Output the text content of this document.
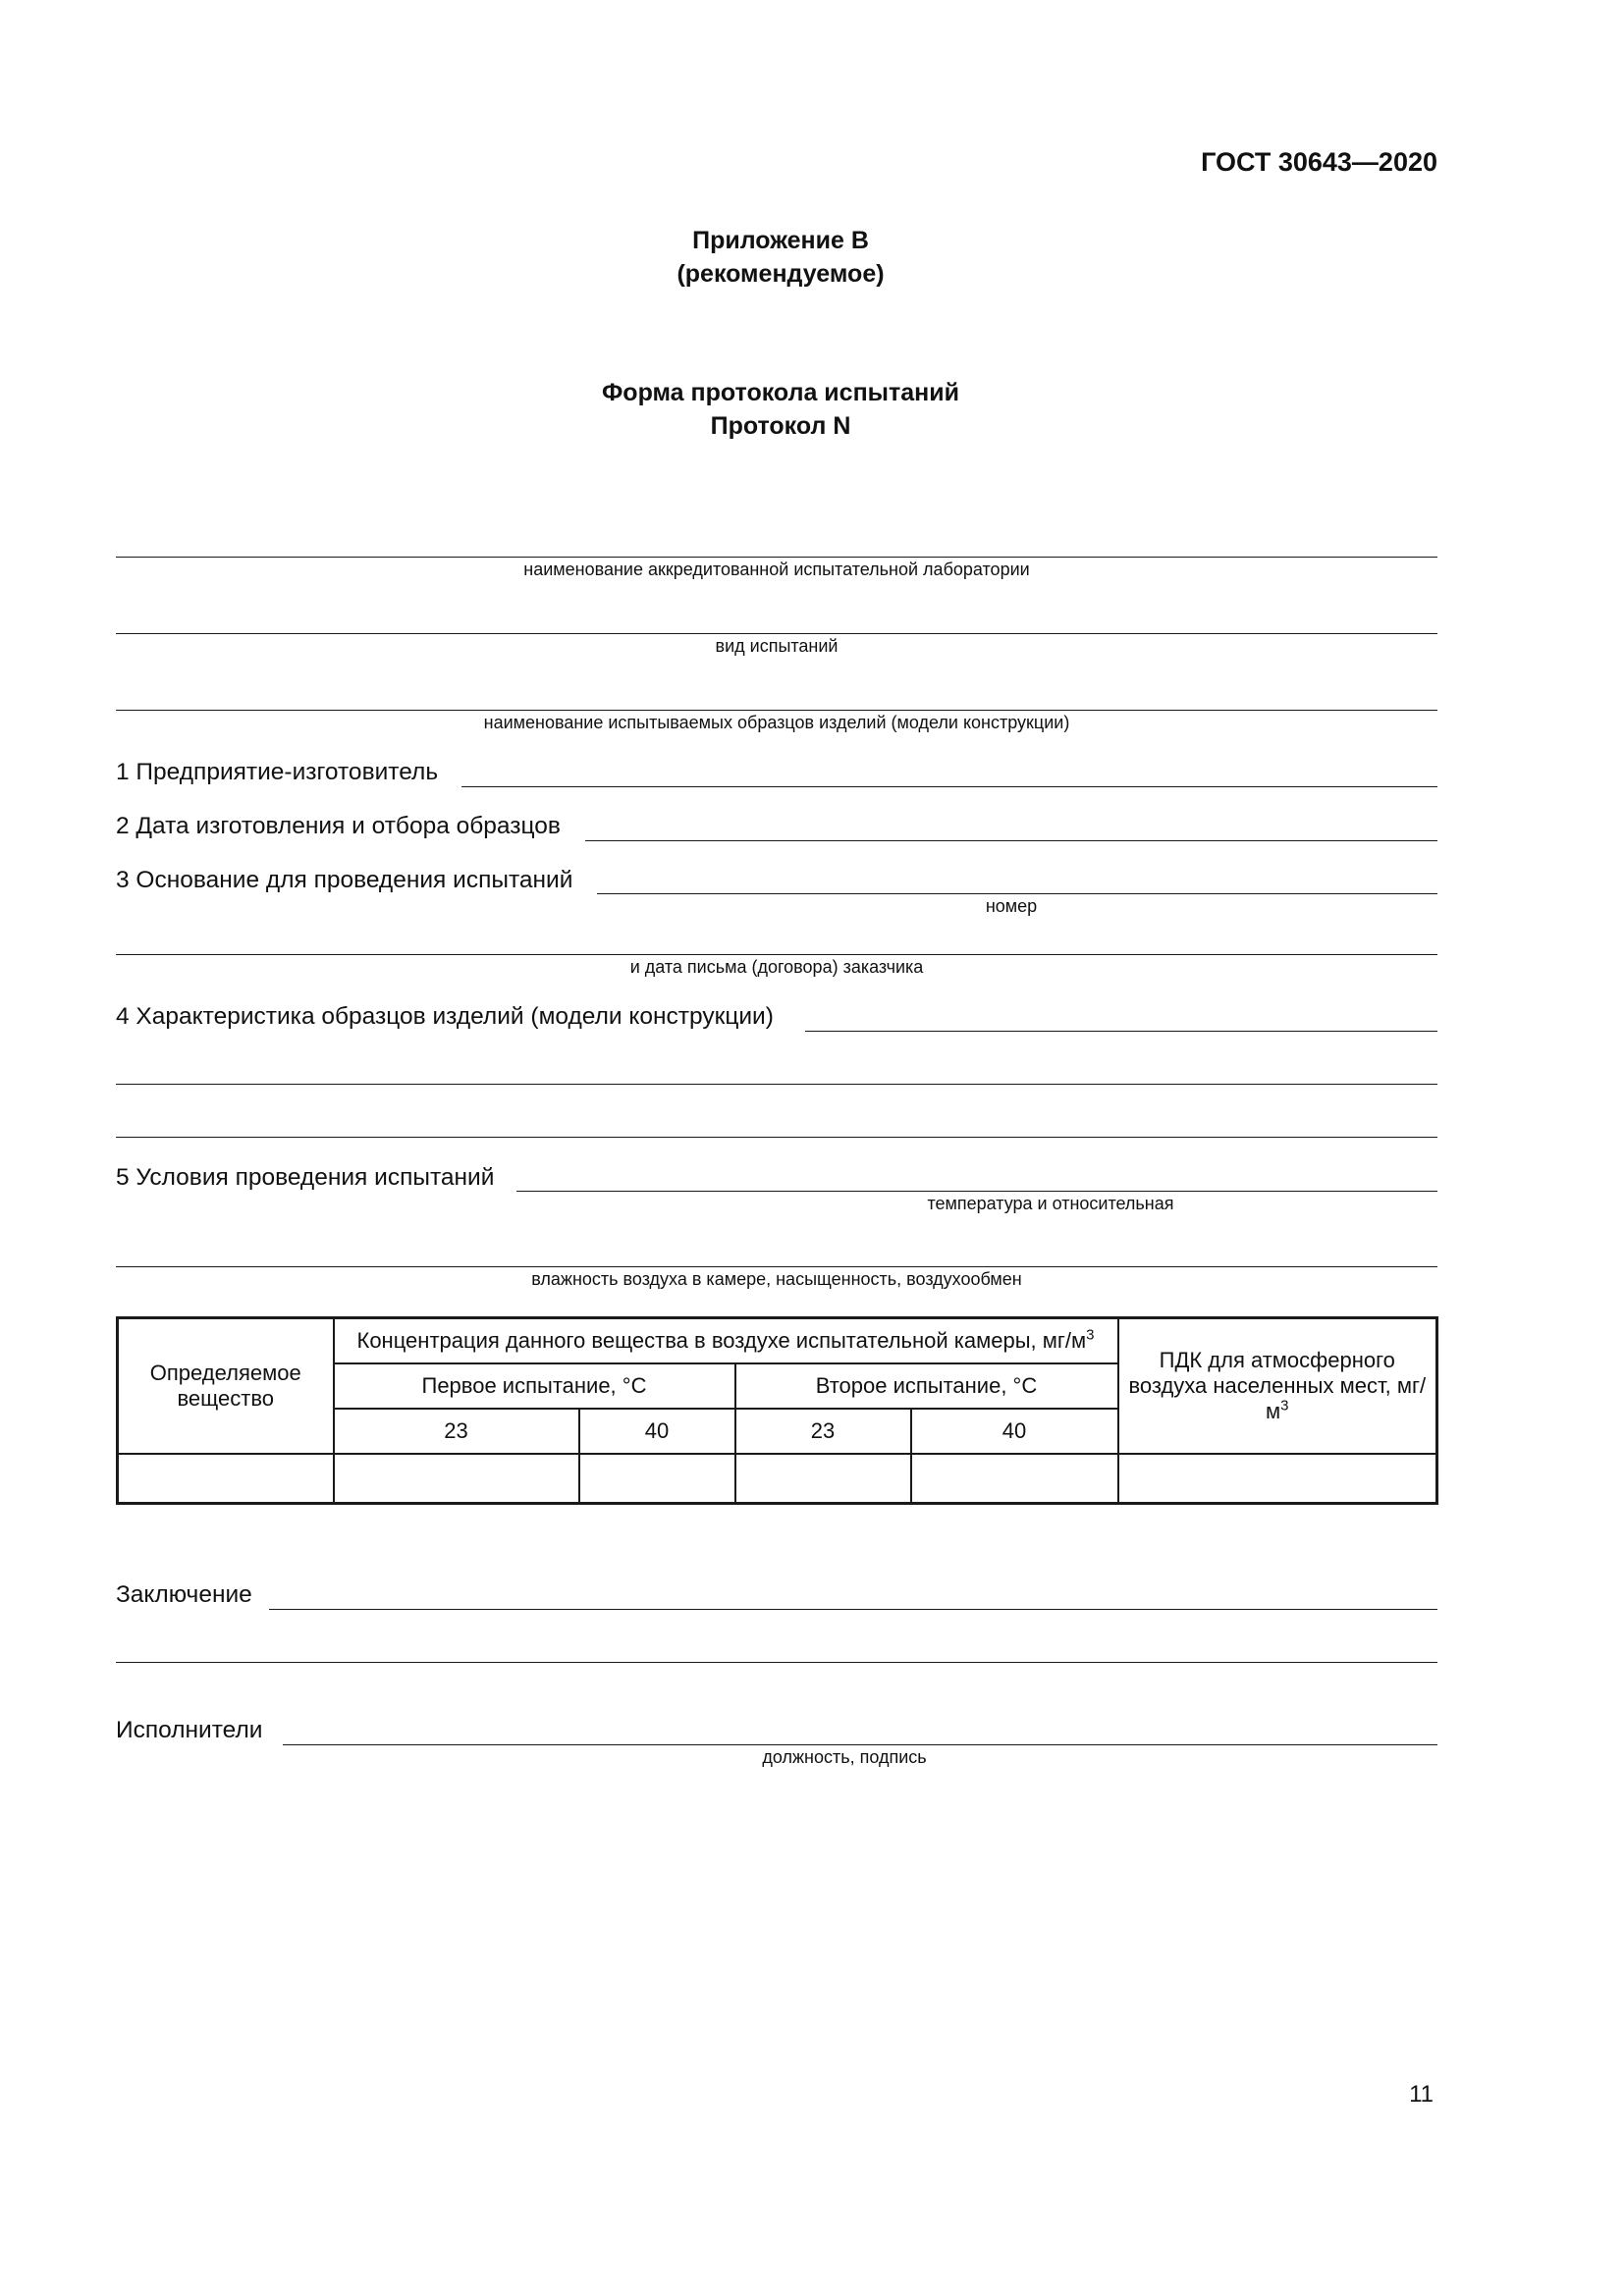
ГОСТ 30643—2020
Приложение В
(рекомендуемое)
Форма протокола испытаний
Протокол N
наименование аккредитованной испытательной лаборатории
вид испытаний
наименование испытываемых образцов изделий (модели конструкции)
1 Предприятие-изготовитель
2 Дата изготовления и отбора образцов
3 Основание для проведения испытаний
номер
и дата письма (договора) заказчика
4 Характеристика образцов изделий (модели конструкции)
5 Условия проведения испытаний
температура и относительная
влажность воздуха в камере, насыщенность, воздухообмен
Определяемое вещество	Концентрация данного вещества в воздухе испытательной камеры, $мг/м^3$				ПДК для атмосферного воздуха населенных мест, $мг/м^3$
	Первое испытание, °С		Второе испытание, °С		
	23	40	23	40	

Заключение
Исполнители
должность, подпись
11
